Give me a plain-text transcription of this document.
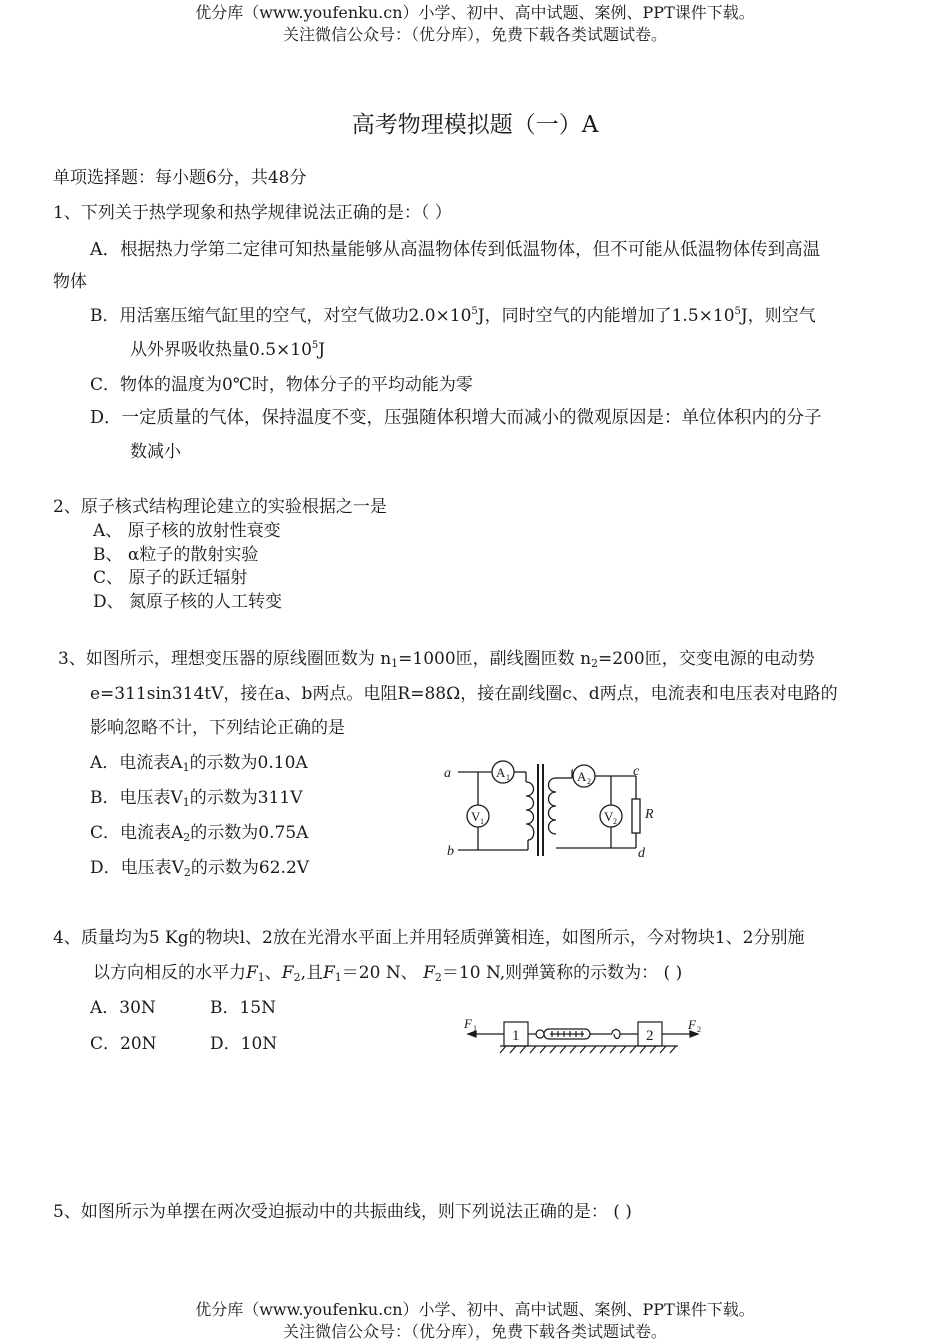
优分库（www.youfenku.cn）小学、初中、高中试题、案例、PPT课件下载。
关注微信公众号：（优分库），免费下载各类试题试卷。
高考物理模拟题（一）A
单项选择题：每小题6分，共48分
1、下列关于热学现象和热学规律说法正确的是：（ ）
A．根据热力学第二定律可知热量能够从高温物体传到低温物体，但不可能从低温物体传到高温
物体
B．用活塞压缩气缸里的空气，对空气做功$2.0\times 10^5J$，同时空气的内能增加了$1.5\times 10^5J$，则空气
从外界吸收热量$0.5\times 10^5J$
C．物体的温度为0℃时，物体分子的平均动能为零
D．一定质量的气体，保持温度不变，压强随体积增大而减小的微观原因是：单位体积内的分子
数减小
2、原子核式结构理论建立的实验根据之一是
A、 原子核的放射性衰变
B、 α粒子的散射实验
C、 原子的跃迁辐射
D、 氮原子核的人工转变
3、如图所示，理想变压器的原线圈匝数为 $n_1=1000$匝，副线圈匝数 $n_2=200$匝，交变电源的电动势
e=311sin314tV，接在a、b两点。电阻R=88Ω，接在副线圈c、d两点，电流表和电压表对电路的
影响忽略不计，下列结论正确的是
A．电流表$A_1$的示数为0.10A
B．电压表$V_1$的示数为311V
C．电流表$A_2$的示数为0.75A
D．电压表$V_2$的示数为62.2V
a
b
c
d
R
A 1
V 1
A 2
V 2
4、质量均为5 Kg的物块l、2放在光滑水平面上并用轻质弹簧相连，如图所示，今对物块1、2分别施
以方向相反的水平力$F_1$、$F_2$,且$F_1=20$ N、 $F_2=10$ N,则弹簧称的示数为： ( )
A．30N	B．15N
C．20N	D．10N	1	2
F 1	F 2
5、如图所示为单摆在两次受迫振动中的共振曲线，则下列说法正确的是： ( )
优分库（www.youfenku.cn）小学、初中、高中试题、案例、PPT课件下载。
关注微信公众号：（优分库），免费下载各类试题试卷。
